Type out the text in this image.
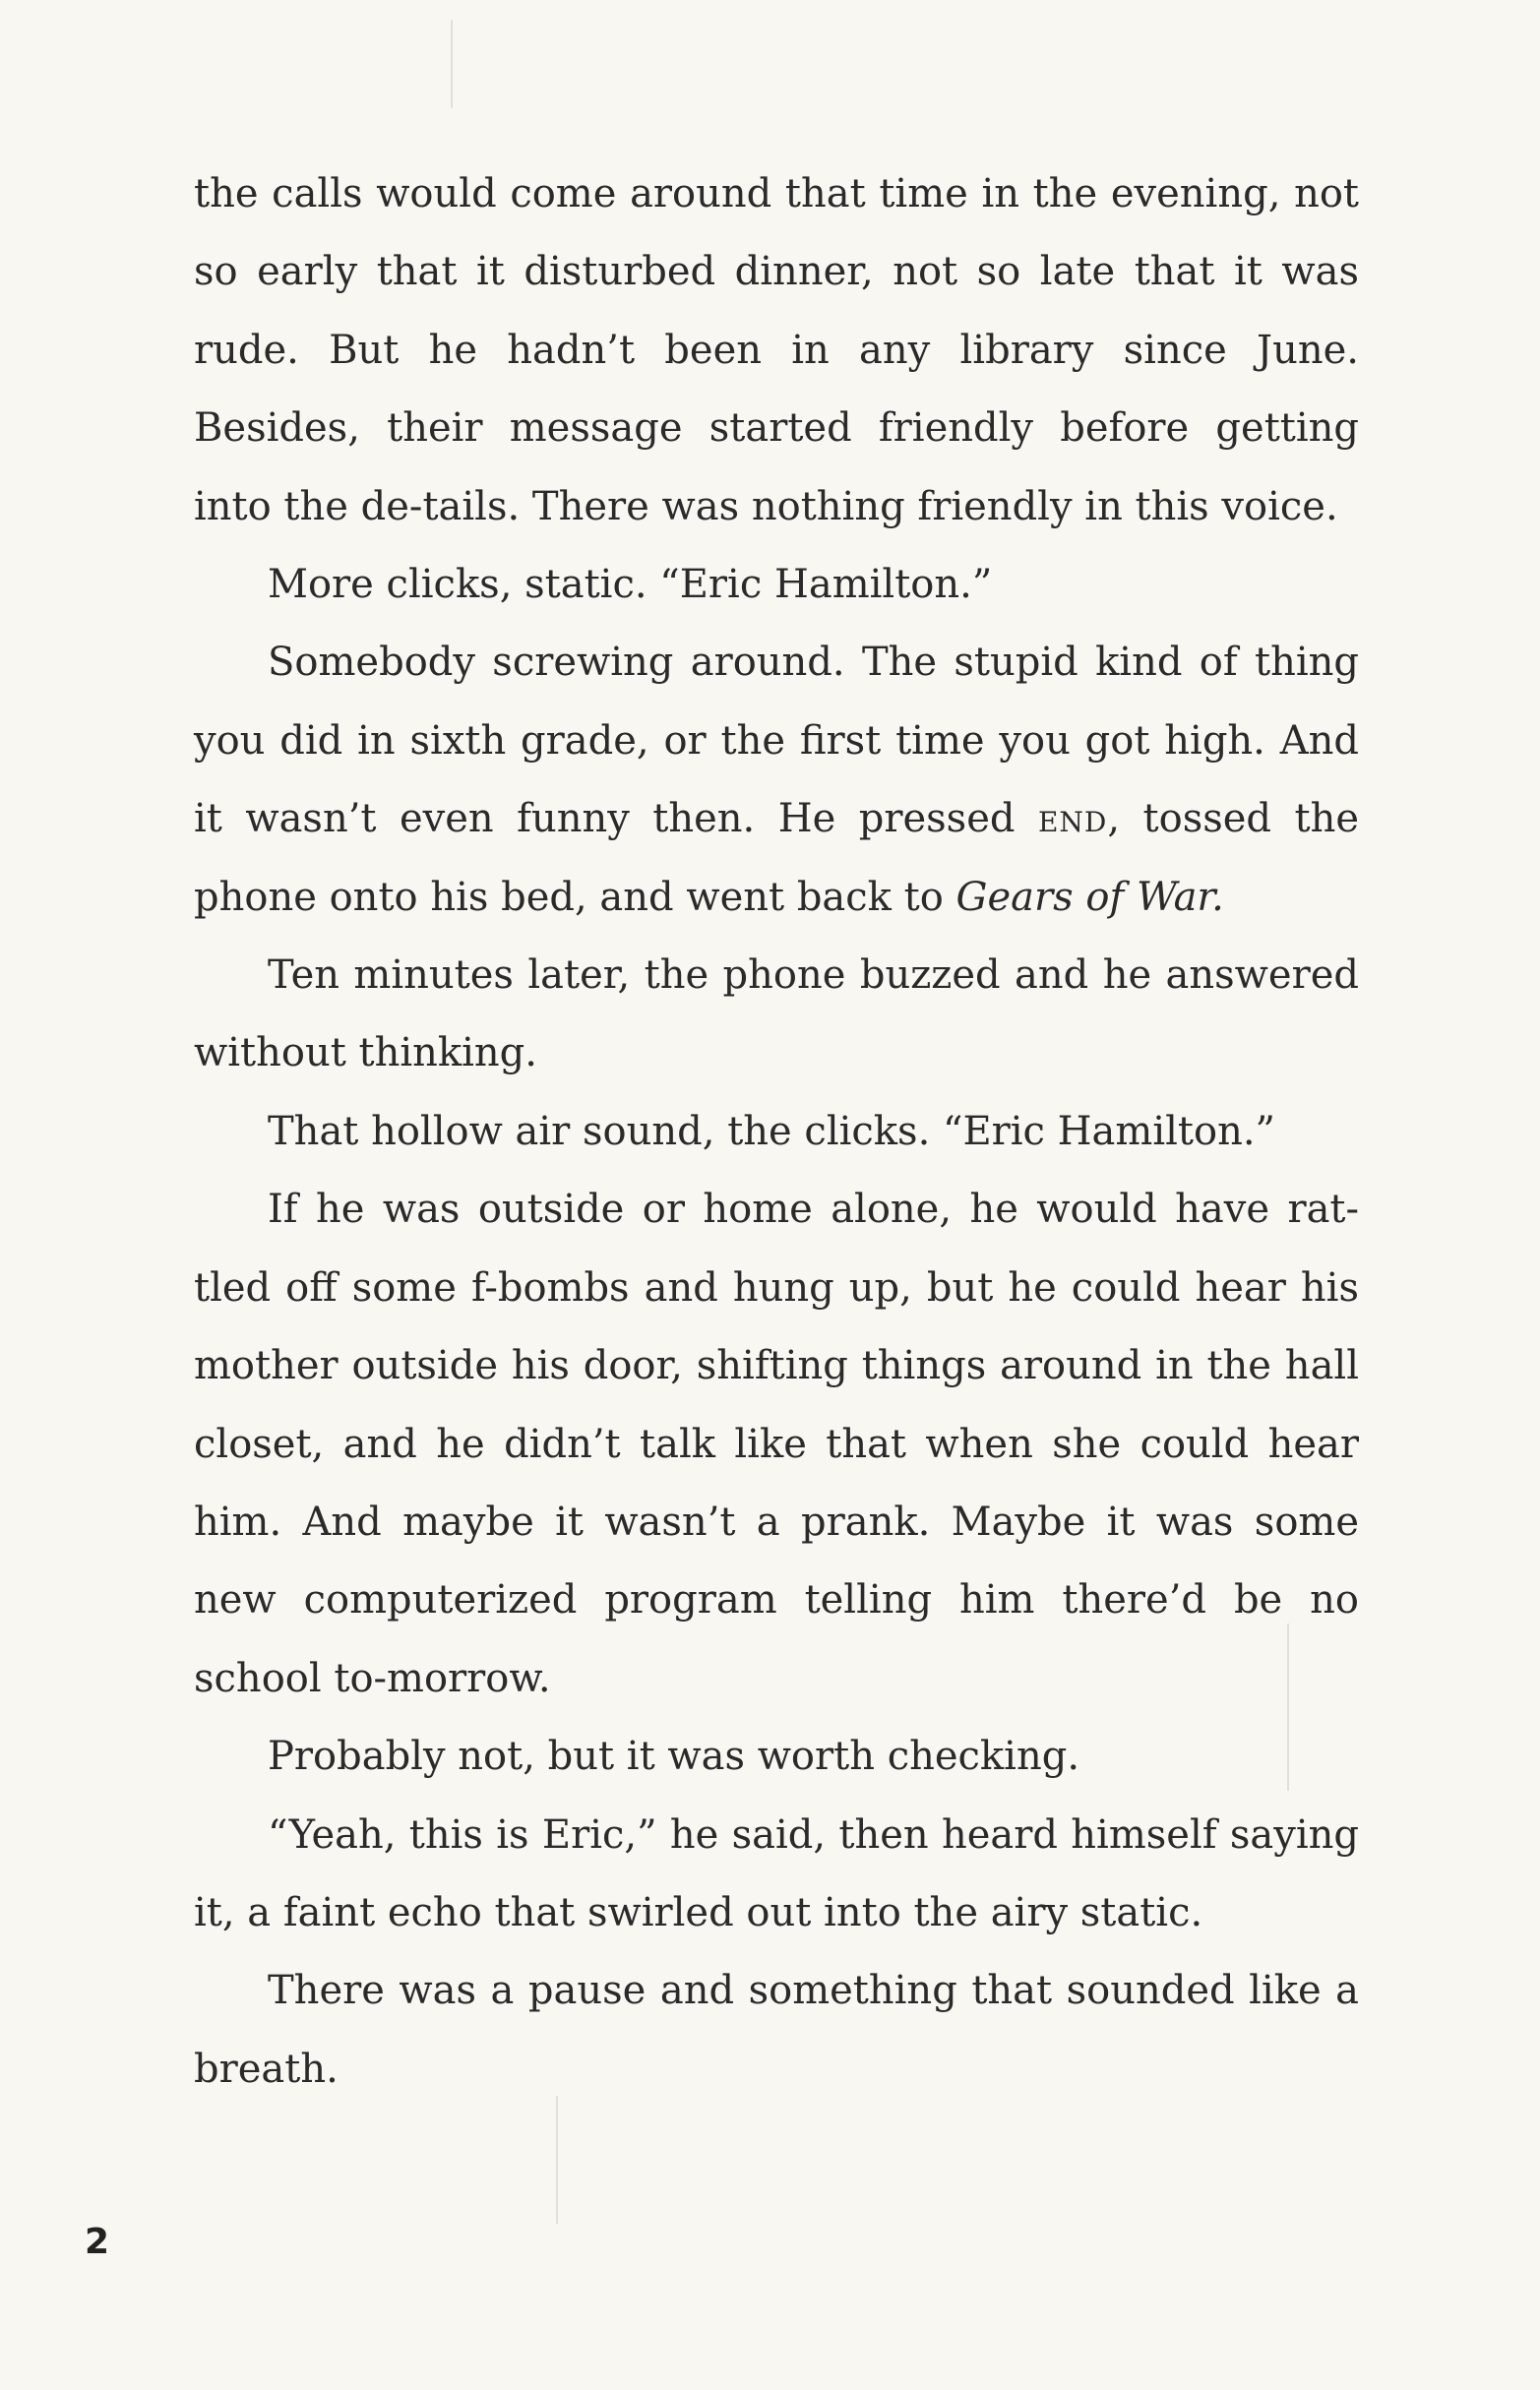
the calls would come around that time in the evening, not so early that it disturbed dinner, not so late that it was rude. But he hadn’t been in any library since June. Besides, their message started friendly before getting into the de-tails. There was nothing friendly in this voice.

More clicks, static. “Eric Hamilton.”

Somebody screwing around. The stupid kind of thing you did in sixth grade, or the first time you got high. And it wasn’t even funny then. He pressed end, tossed the phone onto his bed, and went back to Gears of War.

Ten minutes later, the phone buzzed and he answered without thinking.

That hollow air sound, the clicks. “Eric Hamilton.”

If he was outside or home alone, he would have rat-tled off some f-bombs and hung up, but he could hear his mother outside his door, shifting things around in the hall closet, and he didn’t talk like that when she could hear him. And maybe it wasn’t a prank. Maybe it was some new computerized program telling him there’d be no school to-morrow.

Probably not, but it was worth checking.

“Yeah, this is Eric,” he said, then heard himself saying it, a faint echo that swirled out into the airy static.

There was a pause and something that sounded like a breath.

2
